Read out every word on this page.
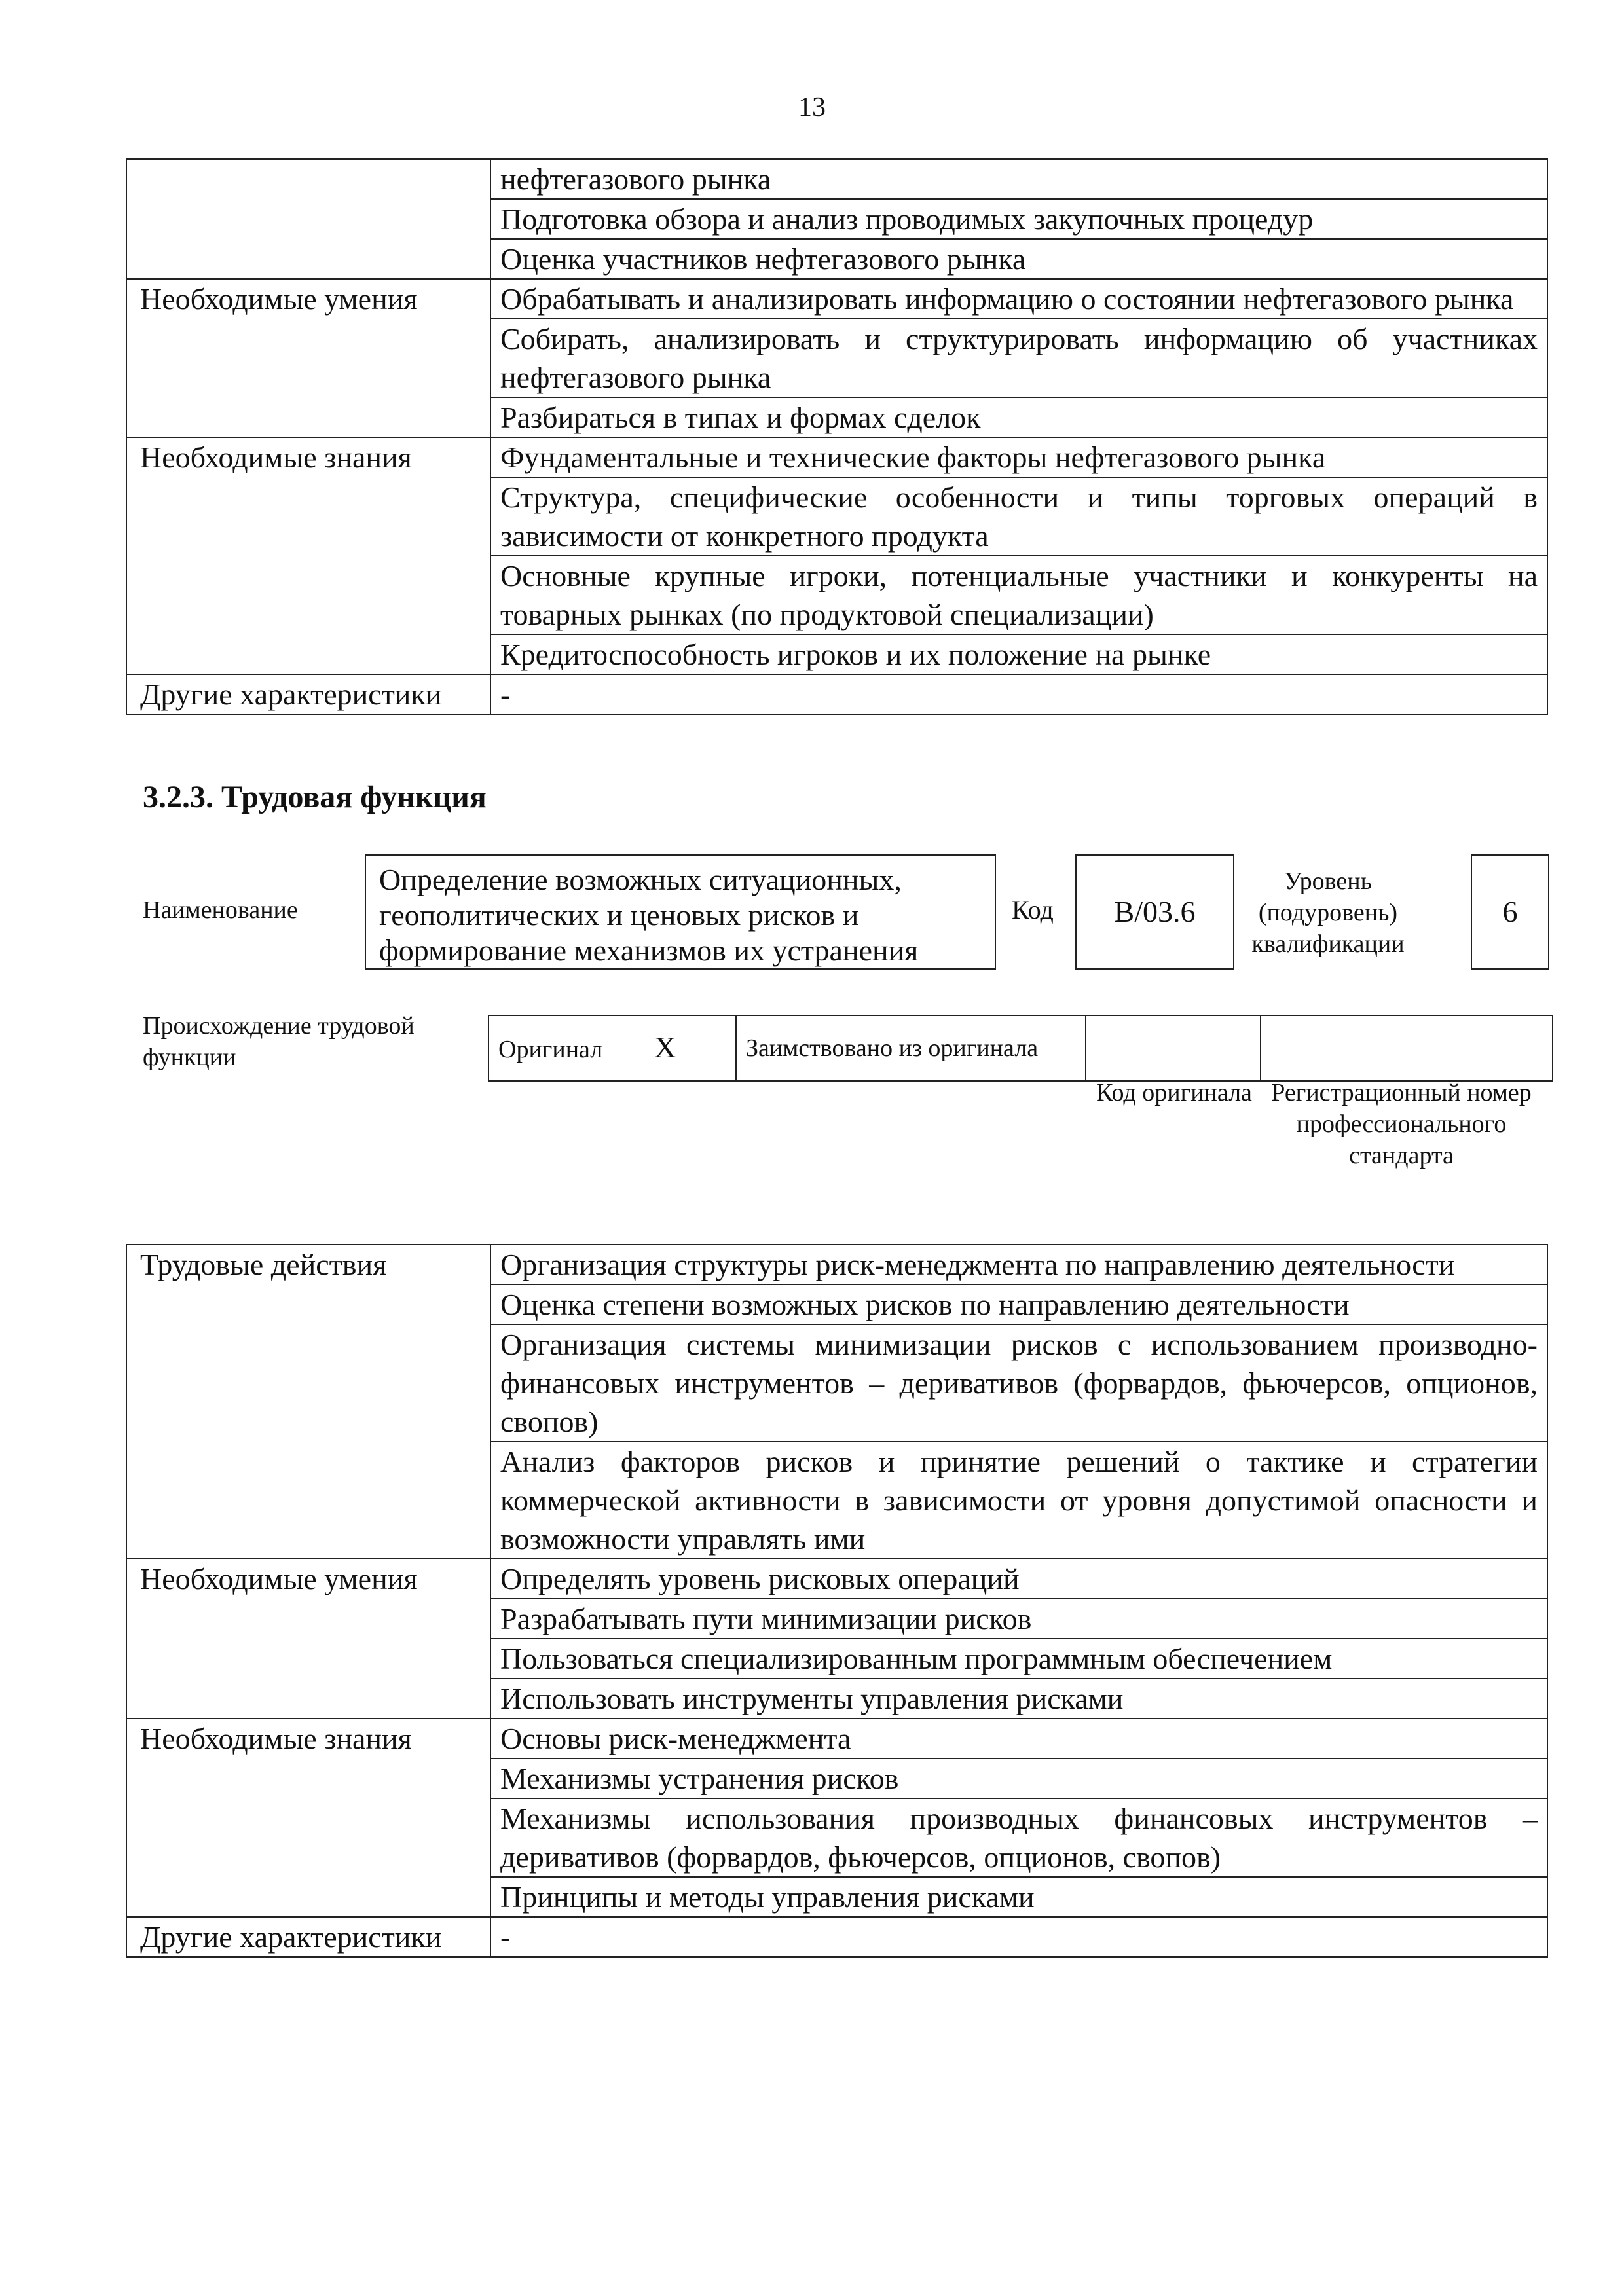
13
	нефтегазового рынка
	Подготовка обзора и анализ проводимых закупочных процедур
	Оценка участников нефтегазового рынка
Необходимые умения	Обрабатывать и анализировать информацию о состоянии нефтегазового рынка
	Собирать, анализировать и структурировать информацию об участниках нефтегазового рынка
	Разбираться в типах и формах сделок
Необходимые знания	Фундаментальные и технические факторы нефтегазового рынка
	Структура, специфические особенности и типы торговых операций в зависимости от конкретного продукта
	Основные крупные игроки, потенциальные участники и конкуренты на товарных рынках (по продуктовой специализации)
	Кредитоспособность игроков и их положение на рынке
Другие характеристики	-
3.2.3. Трудовая функция
Наименование
Определение возможных ситуационных, геополитических и ценовых рисков и формирование механизмов их устранения
Код	B/03.6
Уровень (подуровень) квалификации
6
Происхождение трудовой функции	Оригинал X	Заимствовано из оригинала		
Код оригинала Регистрационный номер профессионального стандарта
Трудовые действия	Организация структуры риск-менеджмента по направлению деятельности
	Оценка степени возможных рисков по направлению деятельности
	Организация системы минимизации рисков с использованием производно-финансовых инструментов – деривативов (форвардов, фьючерсов, опционов, свопов)
	Анализ факторов рисков и принятие решений о тактике и стратегии коммерческой активности в зависимости от уровня допустимой опасности и возможности управлять ими
Необходимые умения	Определять уровень рисковых операций
	Разрабатывать пути минимизации рисков
	Пользоваться специализированным программным обеспечением
	Использовать инструменты управления рисками
Необходимые знания	Основы риск-менеджмента
	Механизмы устранения рисков
	Механизмы использования производных финансовых инструментов – деривативов (форвардов, фьючерсов, опционов, свопов)
	Принципы и методы управления рисками
Другие характеристики	-
